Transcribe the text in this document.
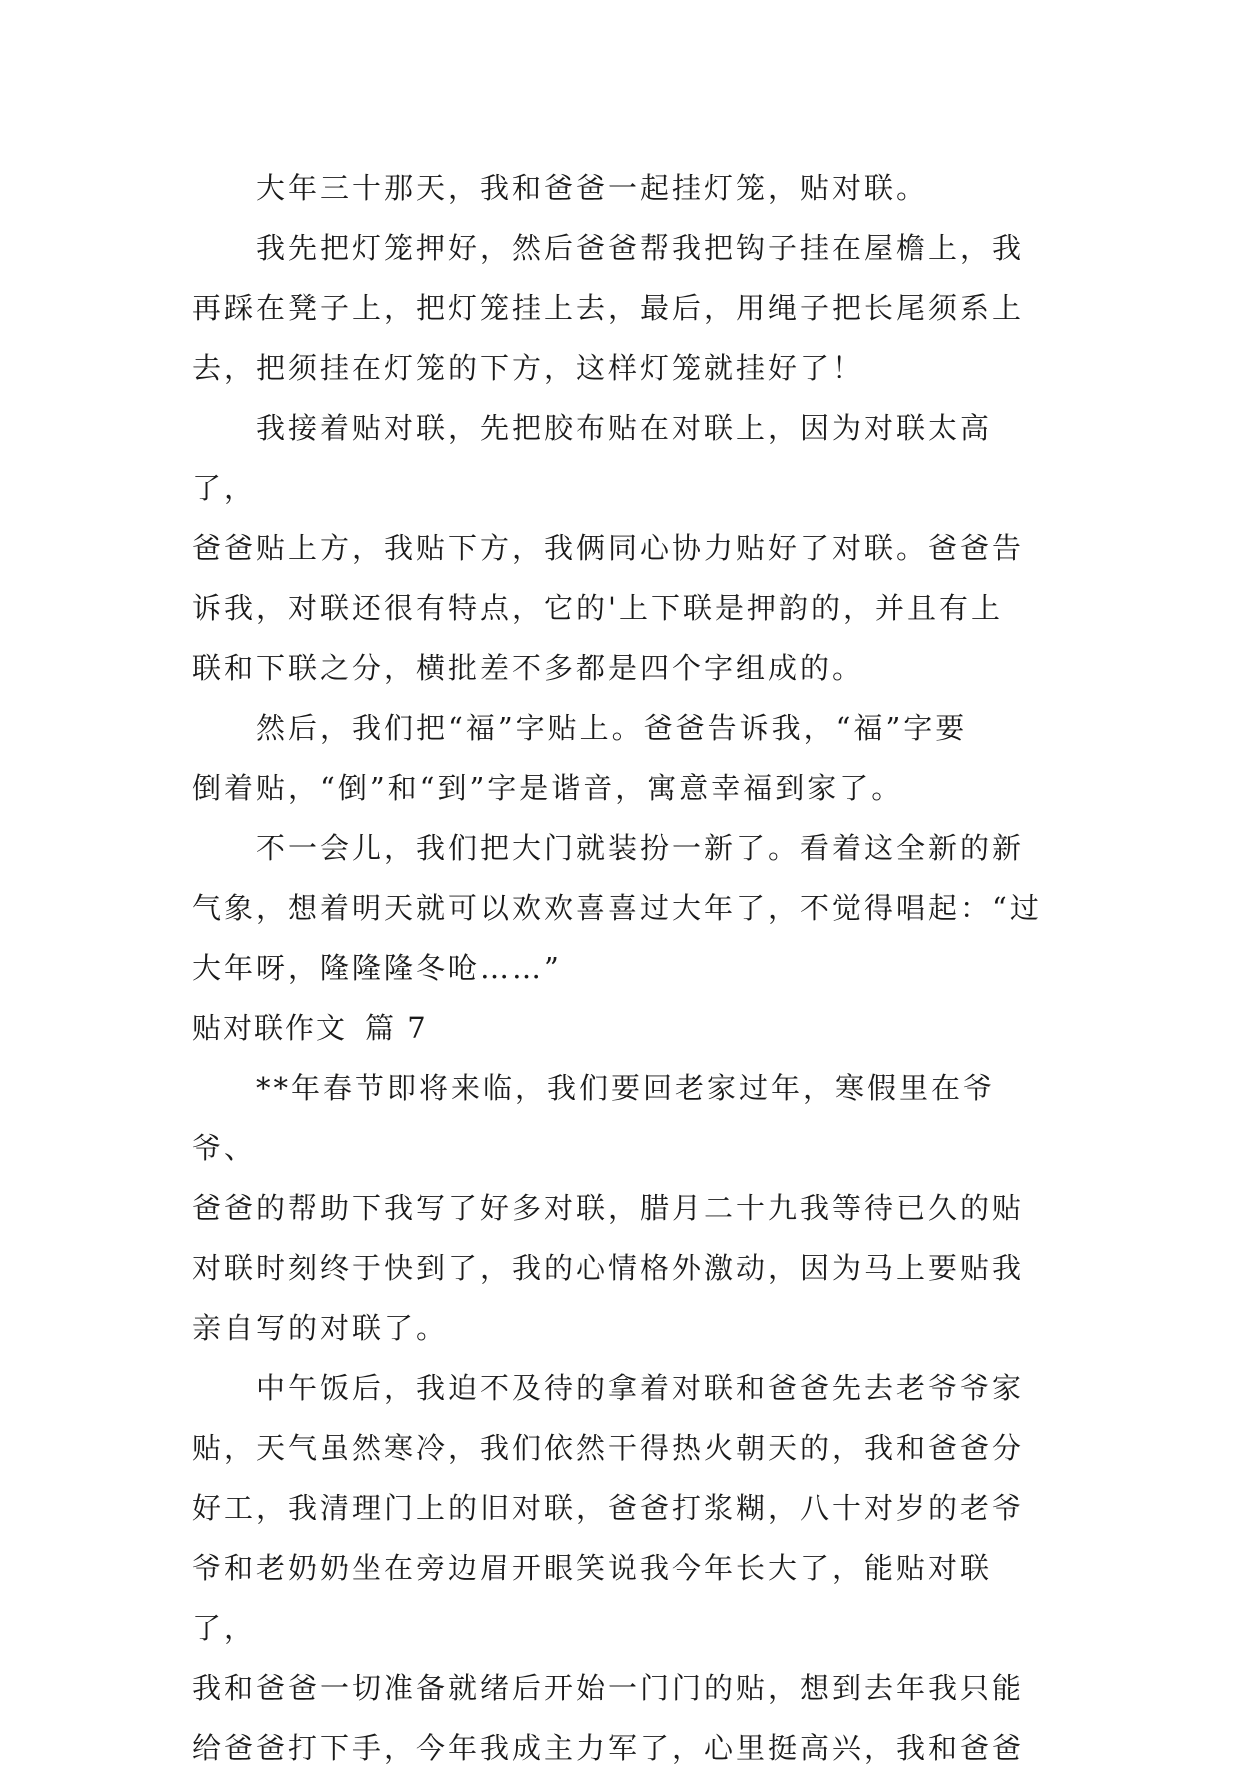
大年三十那天，我和爸爸一起挂灯笼，贴对联。

我先把灯笼押好，然后爸爸帮我把钩子挂在屋檐上，我
再踩在凳子上，把灯笼挂上去，最后，用绳子把长尾须系上
去，把须挂在灯笼的下方，这样灯笼就挂好了！

我接着贴对联，先把胶布贴在对联上，因为对联太高了，
爸爸贴上方，我贴下方，我俩同心协力贴好了对联。爸爸告
诉我，对联还很有特点，它的'上下联是押韵的，并且有上
联和下联之分，横批差不多都是四个字组成的。

然后，我们把“福”字贴上。爸爸告诉我，“福”字要
倒着贴，“倒”和“到”字是谐音，寓意幸福到家了。

不一会儿，我们把大门就装扮一新了。看着这全新的新
气象，想着明天就可以欢欢喜喜过大年了，不觉得唱起：“过
大年呀，隆隆隆冬呛……”

贴对联作文 篇 7

**年春节即将来临，我们要回老家过年，寒假里在爷爷、
爸爸的帮助下我写了好多对联，腊月二十九我等待已久的贴
对联时刻终于快到了，我的心情格外激动，因为马上要贴我
亲自写的对联了。

中午饭后，我迫不及待的拿着对联和爸爸先去老爷爷家
贴，天气虽然寒冷，我们依然干得热火朝天的，我和爸爸分
好工，我清理门上的旧对联，爸爸打浆糊，八十对岁的老爷
爷和老奶奶坐在旁边眉开眼笑说我今年长大了，能贴对联了，
我和爸爸一切准备就绪后开始一门门的贴，想到去年我只能
给爸爸打下手，今年我成主力军了，心里挺高兴，我和爸爸
